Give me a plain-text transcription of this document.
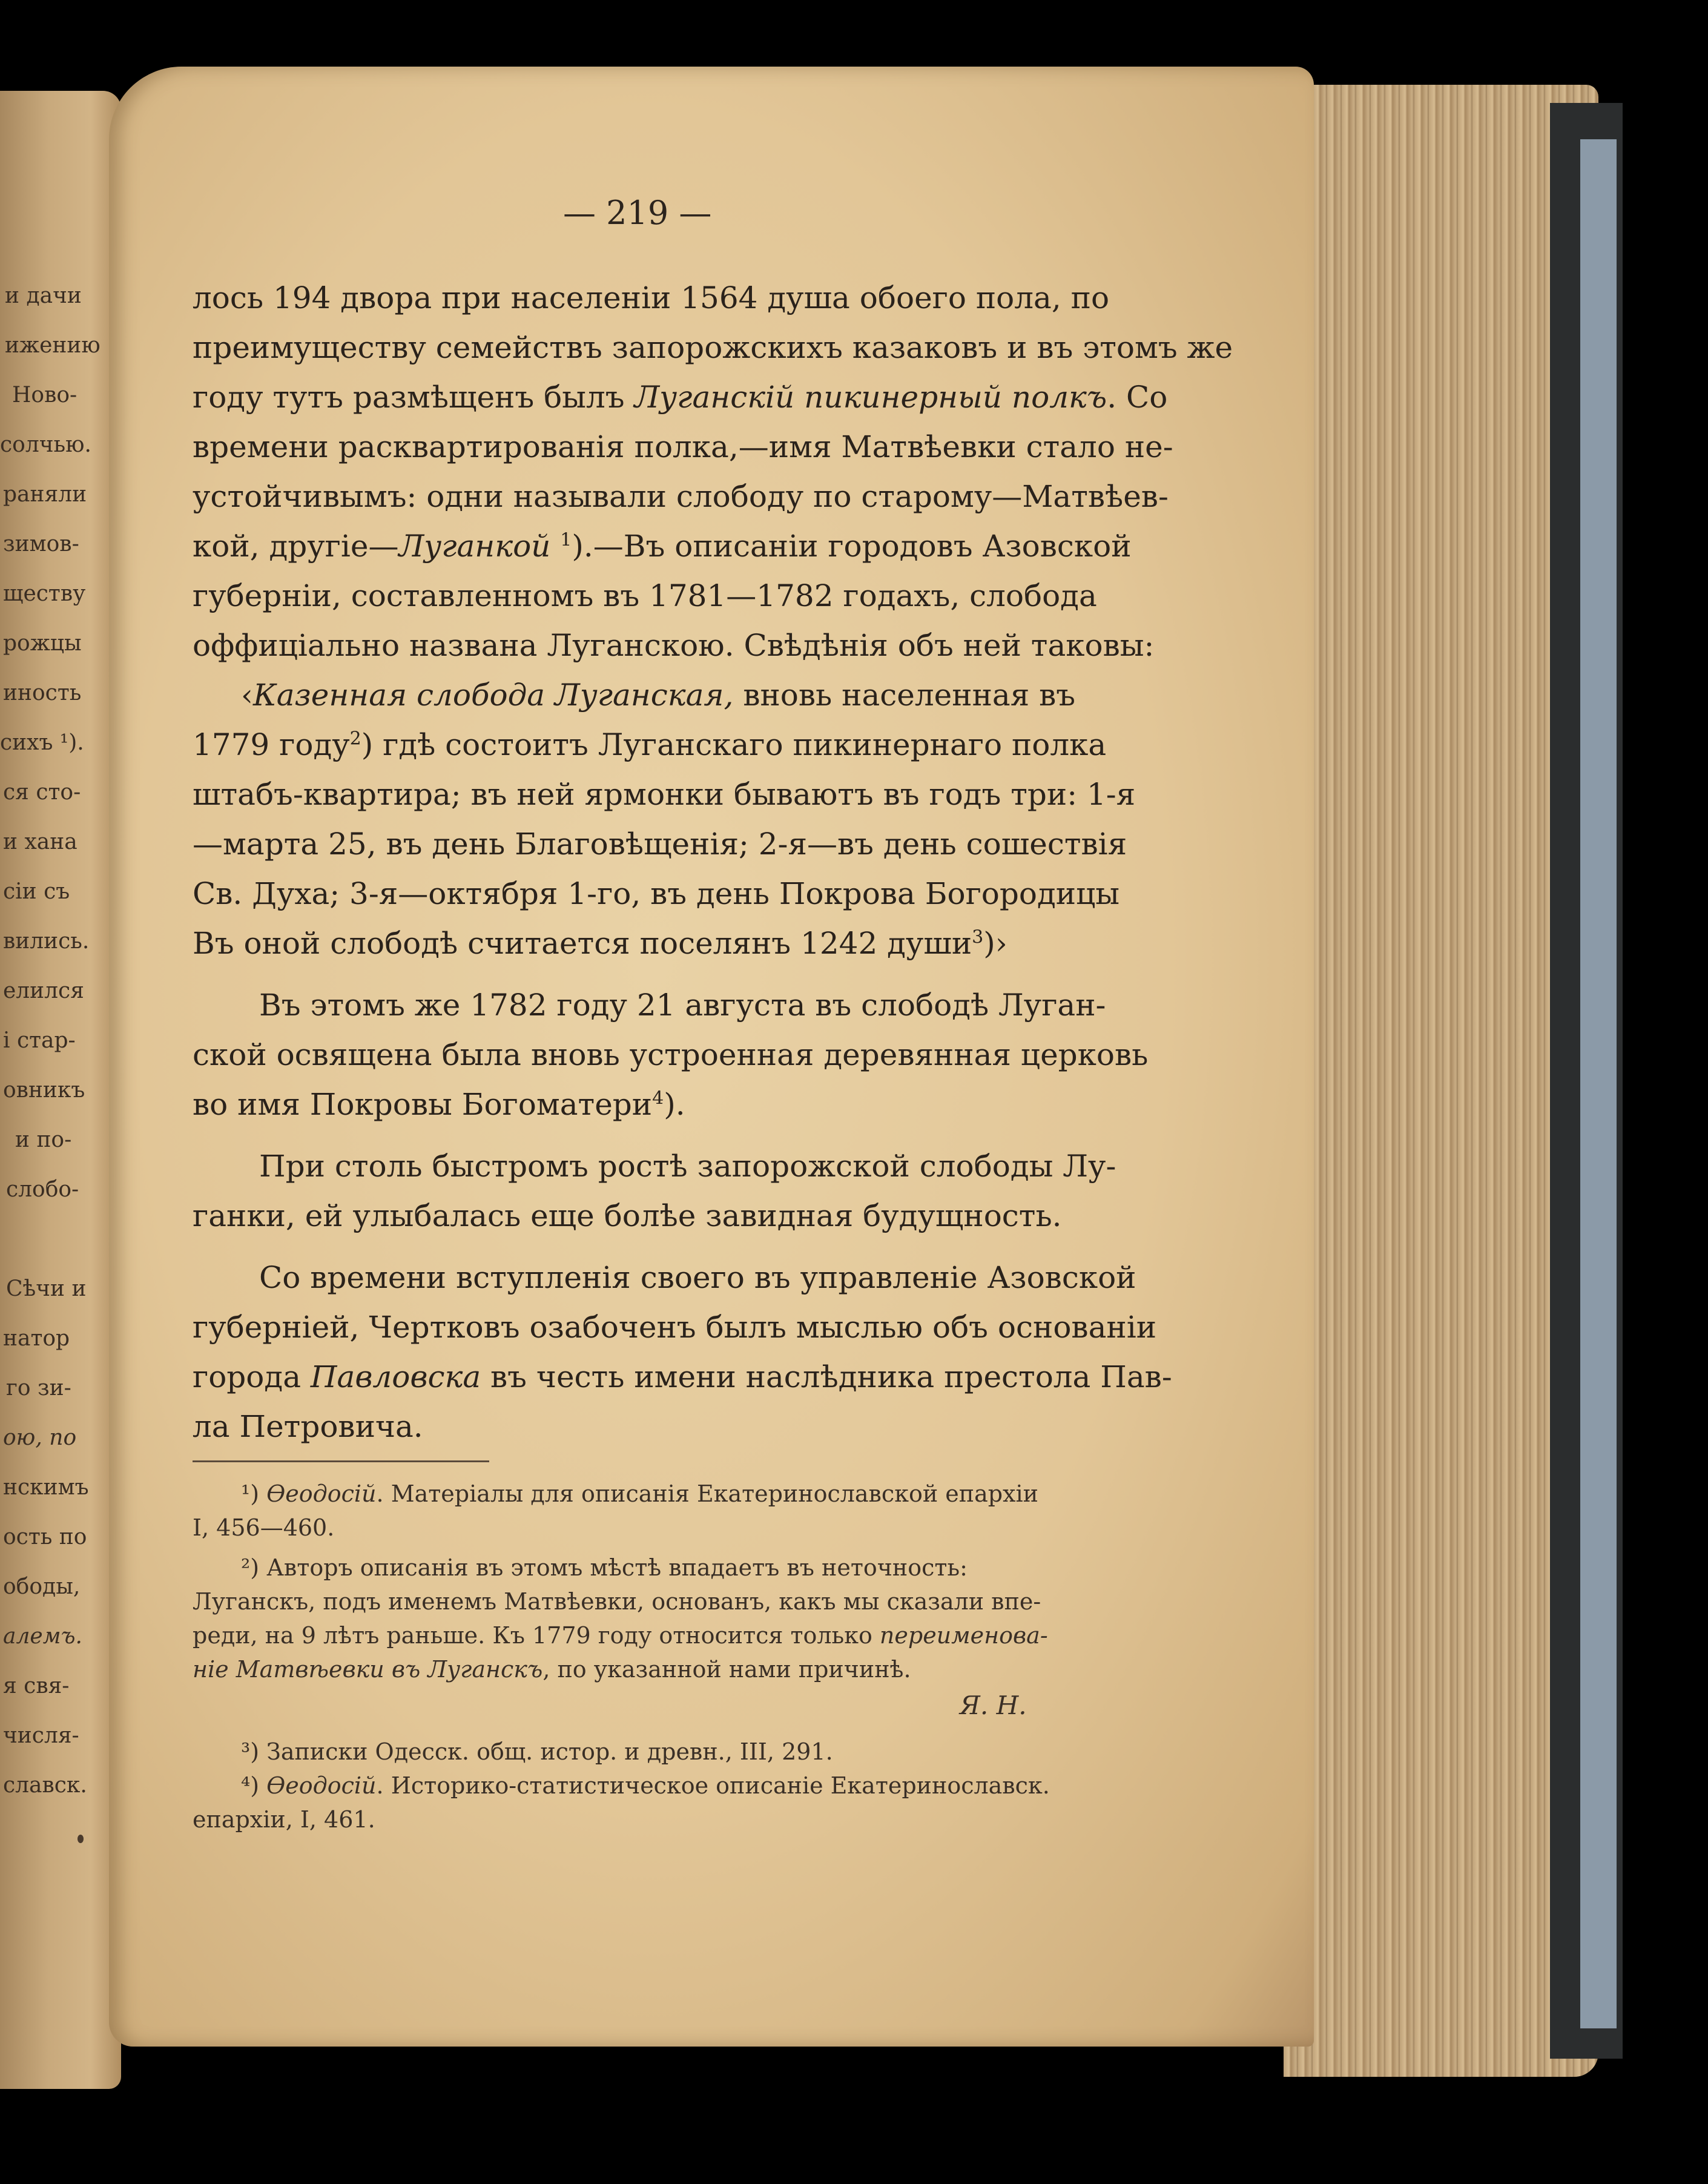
и дачи
ижению
Ново-
солчью.
раняли
зимов-
ществу
рожцы
иность
сихъ ¹).
ся сто-
и хана
сіи съ
вились.
елился
і стар-
овникъ
и по-
слобо-
Сѣчи и
натор
го зи-
ою, по
нскимъ
ость по
ободы,
алемъ.
я свя-
числя-
славск.
— 219 —
лось 194 двора при населеніи 1564 душа обоего пола, по
преимуществу семействъ запорожскихъ казаковъ и въ этомъ же
году тутъ размѣщенъ былъ Луганскій пикинерный полкъ. Со
времени расквартированія полка,—имя Матвѣевки стало не-
устойчивымъ: одни называли слободу по старому—Матвѣев-
кой, другіе—Луганкой $^1$).—Въ описаніи городовъ Азовской
губерніи, составленномъ въ 1781—1782 годахъ, слобода
оффиціально названа Луганскою. Свѣдѣнія объ ней таковы:
‹Казенная слобода Луганская, вновь населенная въ
1779 году$^2$) гдѣ состоитъ Луганскаго пикинернаго полка
штабъ-квартира; въ ней ярмонки бываютъ въ годъ три: 1-я
—марта 25, въ день Благовѣщенія; 2-я—въ день сошествія
Св. Духа; 3-я—октября 1-го, въ день Покрова Богородицы
Въ оной слободѣ считается поселянъ 1242 души$^3$)›
Въ этомъ же 1782 году 21 августа въ слободѣ Луган-
ской освящена была вновь устроенная деревянная церковь
во имя Покровы Богоматери$^4$).
При столь быстромъ ростѣ запорожской слободы Лу-
ганки, ей улыбалась еще болѣе завидная будущность.
Со времени вступленія своего въ управленіе Азовской
губерніей, Чертковъ озабоченъ былъ мыслью объ основаніи
города Павловска въ честь имени наслѣдника престола Пав-
ла Петровича.
¹) Өеодосій. Матеріалы для описанія Екатеринославской епархіи
I, 456—460.
²) Авторъ описанія въ этомъ мѣстѣ впадаетъ въ неточность:
Луганскъ, подъ именемъ Матвѣевки, основанъ, какъ мы сказали впе-
реди, на 9 лѣтъ раньше. Къ 1779 году относится только переименова-
ніе Матвѣевки въ Луганскъ, по указанной нами причинѣ.
Я. Н.
³) Записки Одесск. общ. истор. и древн., III, 291.
⁴) Өеодосій. Историко-статистическое описаніе Екатеринославск.
епархіи, I, 461.
